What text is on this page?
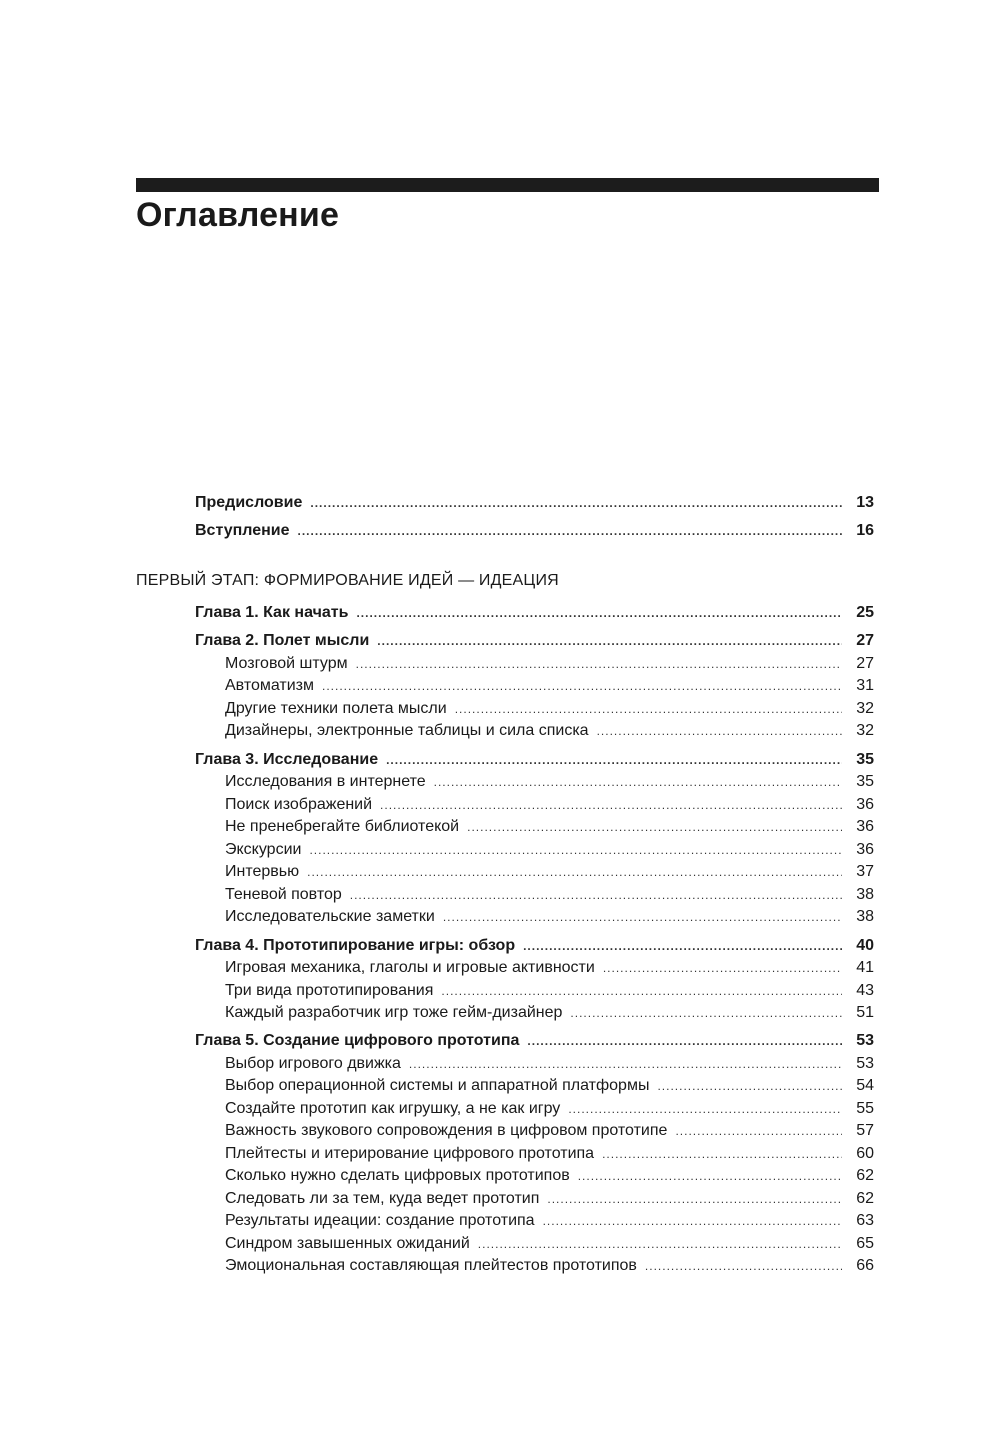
Оглавление
Предисловие .....	13
Вступление .....	16
ПЕРВЫЙ ЭТАП: ФОРМИРОВАНИЕ ИДЕЙ — ИДЕАЦИЯ
Глава 1. Как начать .....	25
Глава 2. Полет мысли .....	27
Мозговой штурм .....	27
Автоматизм .....	31
Другие техники полета мысли .....	32
Дизайнеры, электронные таблицы и сила списка .....	32
Глава 3. Исследование .....	35
Исследования в интернете .....	35
Поиск изображений .....	36
Не пренебрегайте библиотекой .....	36
Экскурсии .....	36
Интервью .....	37
Теневой повтор .....	38
Исследовательские заметки .....	38
Глава 4. Прототипирование игры: обзор .....	40
Игровая механика, глаголы и игровые активности .....	41
Три вида прототипирования .....	43
Каждый разработчик игр тоже гейм-дизайнер .....	51
Глава 5. Создание цифрового прототипа .....	53
Выбор игрового движка .....	53
Выбор операционной системы и аппаратной платформы .....	54
Создайте прототип как игрушку, а не как игру .....	55
Важность звукового сопровождения в цифровом прототипе .....	57
Плейтесты и итерирование цифрового прототипа .....	60
Сколько нужно сделать цифровых прототипов .....	62
Следовать ли за тем, куда ведет прототип .....	62
Результаты идеации: создание прототипа .....	63
Синдром завышенных ожиданий .....	65
Эмоциональная составляющая плейтестов прототипов .....	66
